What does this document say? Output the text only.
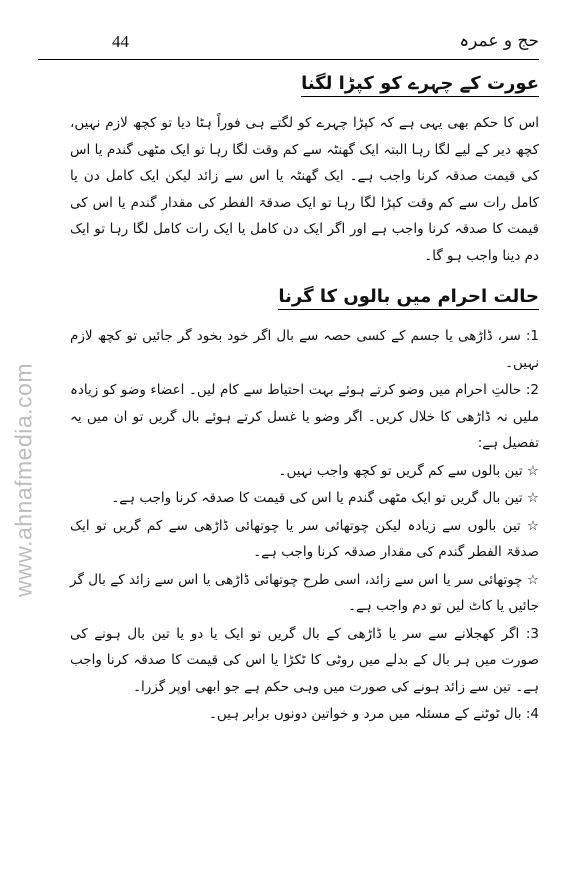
44	حج و عمرہ
www.ahnafmedia.com
عورت کے چہرے کو کپڑا لگنا

اس کا حکم بھی یہی ہے کہ کپڑا چہرے کو لگتے ہی فوراً ہٹا دیا تو کچھ لازم نہیں، کچھ دیر کے لیے لگا رہا البتہ ایک گھنٹہ سے کم وقت لگا رہا تو ایک مٹھی گندم یا اس کی قیمت صدقہ کرنا واجب ہے۔ ایک گھنٹہ یا اس سے زائد لیکن ایک کامل دن یا کامل رات سے کم وقت کپڑا لگا رہا تو ایک صدقۃ الفطر کی مقدار گندم یا اس کی قیمت کا صدقہ کرنا واجب ہے اور اگر ایک دن کامل یا ایک رات کامل لگا رہا تو ایک دم دینا واجب ہو گا۔

حالت احرام میں بالوں کا گرنا

1: سر، ڈاڑھی یا جسم کے کسی حصہ سے بال اگر خود بخود گر جائیں تو کچھ لازم نہیں۔

2: حالتِ احرام میں وضو کرتے ہوئے بہت احتیاط سے کام لیں۔ اعضاء وضو کو زیادہ ملیں نہ ڈاڑھی کا خلال کریں۔ اگر وضو یا غسل کرتے ہوئے بال گریں تو ان میں یہ تفصیل ہے:

☆ تین بالوں سے کم گریں تو کچھ واجب نہیں۔

☆ تین بال گریں تو ایک مٹھی گندم یا اس کی قیمت کا صدقہ کرنا واجب ہے۔

☆ تین بالوں سے زیادہ لیکن چوتھائی سر یا چوتھائی ڈاڑھی سے کم گریں تو ایک صدقۃ الفطر گندم کی مقدار صدقہ کرنا واجب ہے۔

☆ چوتھائی سر یا اس سے زائد، اسی طرح چوتھائی ڈاڑھی یا اس سے زائد کے بال گر جائیں یا کاٹ لیں تو دم واجب ہے۔

3: اگر کھجلانے سے سر یا ڈاڑھی کے بال گریں تو ایک یا دو یا تین بال ہونے کی صورت میں ہر بال کے بدلے میں روٹی کا ٹکڑا یا اس کی قیمت کا صدقہ کرنا واجب ہے۔ تین سے زائد ہونے کی صورت میں وہی حکم ہے جو ابھی اوپر گزرا۔

4: بال ٹوٹنے کے مسئلہ میں مرد و خواتین دونوں برابر ہیں۔
